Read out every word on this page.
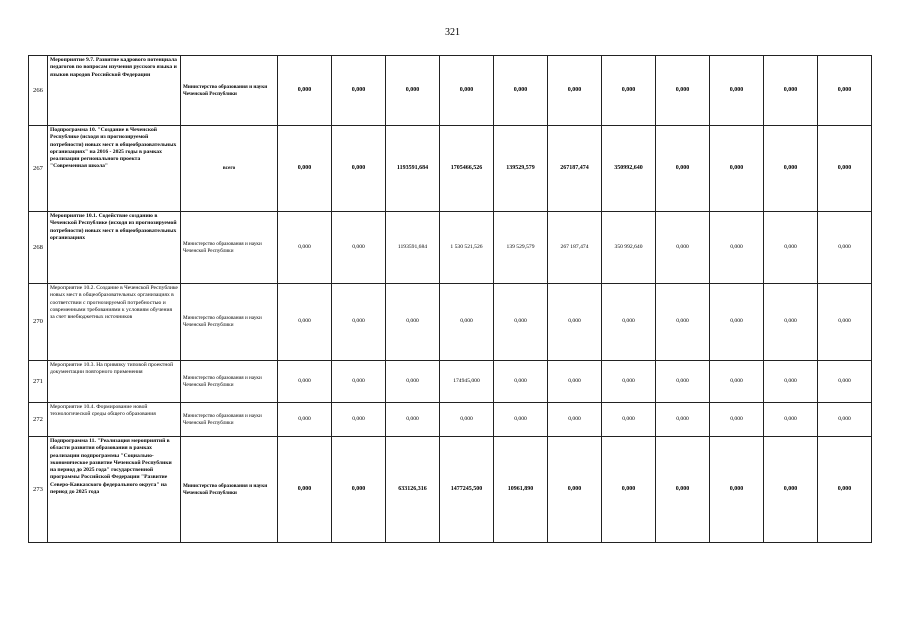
321
266	Мероприятие 9.7. Развитие кадрового потенциала педагогов по вопросам изучения русского языка и языков народов Российской Федерации	Министерство образования и науки Чеченской Республики	0,000	0,000	0,000	0,000	0,000	0,000	0,000	0,000	0,000	0,000	0,000
267	Подпрограмма 10. "Создание в Чеченской Республике (исходя из прогнозируемой потребности) новых мест в общеобразовательных организациях" на 2016 - 2025 годы в рамках реализации регионального проекта "Современная школа"	всего	0,000	0,000	1193591,684	1705466,526	139529,579	267187,474	350992,640	0,000	0,000	0,000	0,000
268	Мероприятие 10.1. Содействие созданию в Чеченской Республике (исходя из прогнозируемой потребности) новых мест в общеобразовательных организациях	Министерство образования и науки Чеченской Республики	0,000	0,000	1193591,684	1 530 521,526	139 529,579	267 187,474	350 992,640	0,000	0,000	0,000	0,000
270	Мероприятие 10.2. Создание в Чеченской Республике новых мест в общеобразовательных организациях в соответствии с прогнозируемой потребностью и современными требованиями к условиям обучения за счет внебюджетных источников	Министерство образования и науки Чеченской Республики	0,000	0,000	0,000	0,000	0,000	0,000	0,000	0,000	0,000	0,000	0,000
271	Мероприятие 10.3. На привязку типовой проектной документации повторного применения	Министерство образования и науки Чеченской Республики	0,000	0,000	0,000	174945,000	0,000	0,000	0,000	0,000	0,000	0,000	0,000
272	Мероприятие 10.4. Формирование новой технологической среды общего образования	Министерство образования и науки Чеченской Республики	0,000	0,000	0,000	0,000	0,000	0,000	0,000	0,000	0,000	0,000	0,000
273	Подпрограмма 11. "Реализация мероприятий в области развития образования в рамках реализации подпрограммы "Социально-экономическое развитие Чеченской Республики на период до 2025 года" государственной программы Российской Федерации "Развитие Северо-Кавказского федерального округа" на период до 2025 года	Министерство образования и науки Чеченской Республики	0,000	0,000	633126,316	1477245,500	10961,890	0,000	0,000	0,000	0,000	0,000	0,000
